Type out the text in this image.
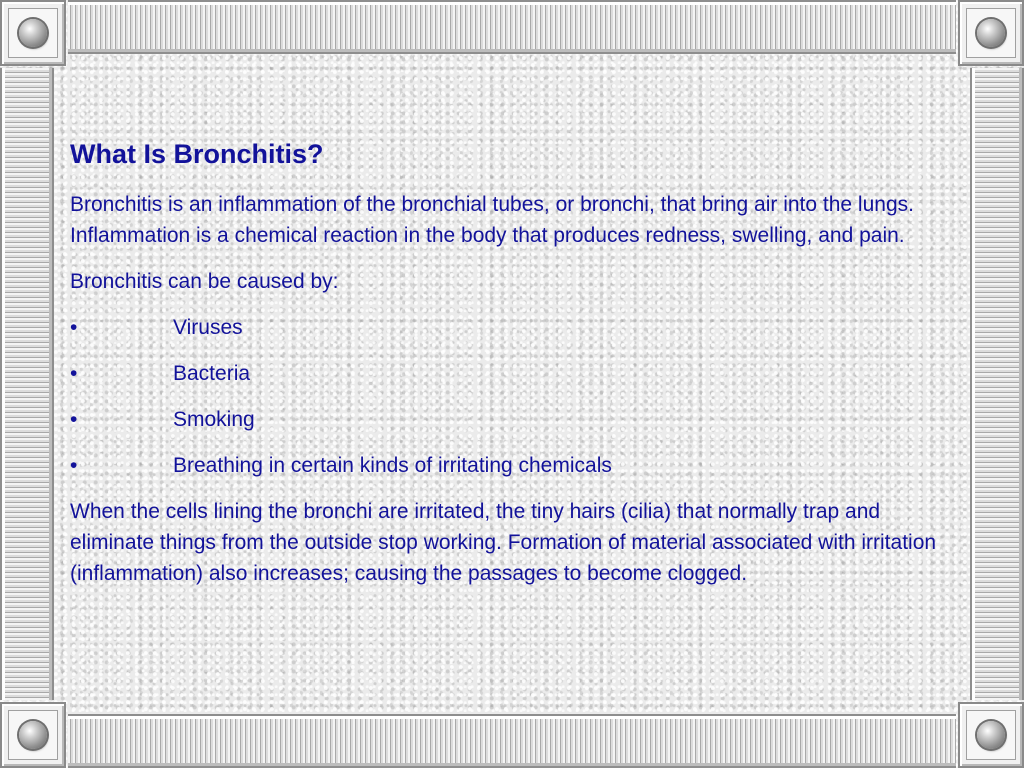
What Is Bronchitis?
Bronchitis is an inflammation of the bronchial tubes, or bronchi, that bring air into the lungs. Inflammation is a chemical reaction in the body that produces redness, swelling, and pain.
Bronchitis can be caused by:
•	Viruses
•	Bacteria
•	Smoking
•	Breathing in certain kinds of irritating chemicals
When the cells lining the bronchi are irritated, the tiny hairs (cilia) that normally trap and eliminate things from the outside stop working. Formation of material associated with irritation (inflammation) also increases; causing the passages to become clogged.
